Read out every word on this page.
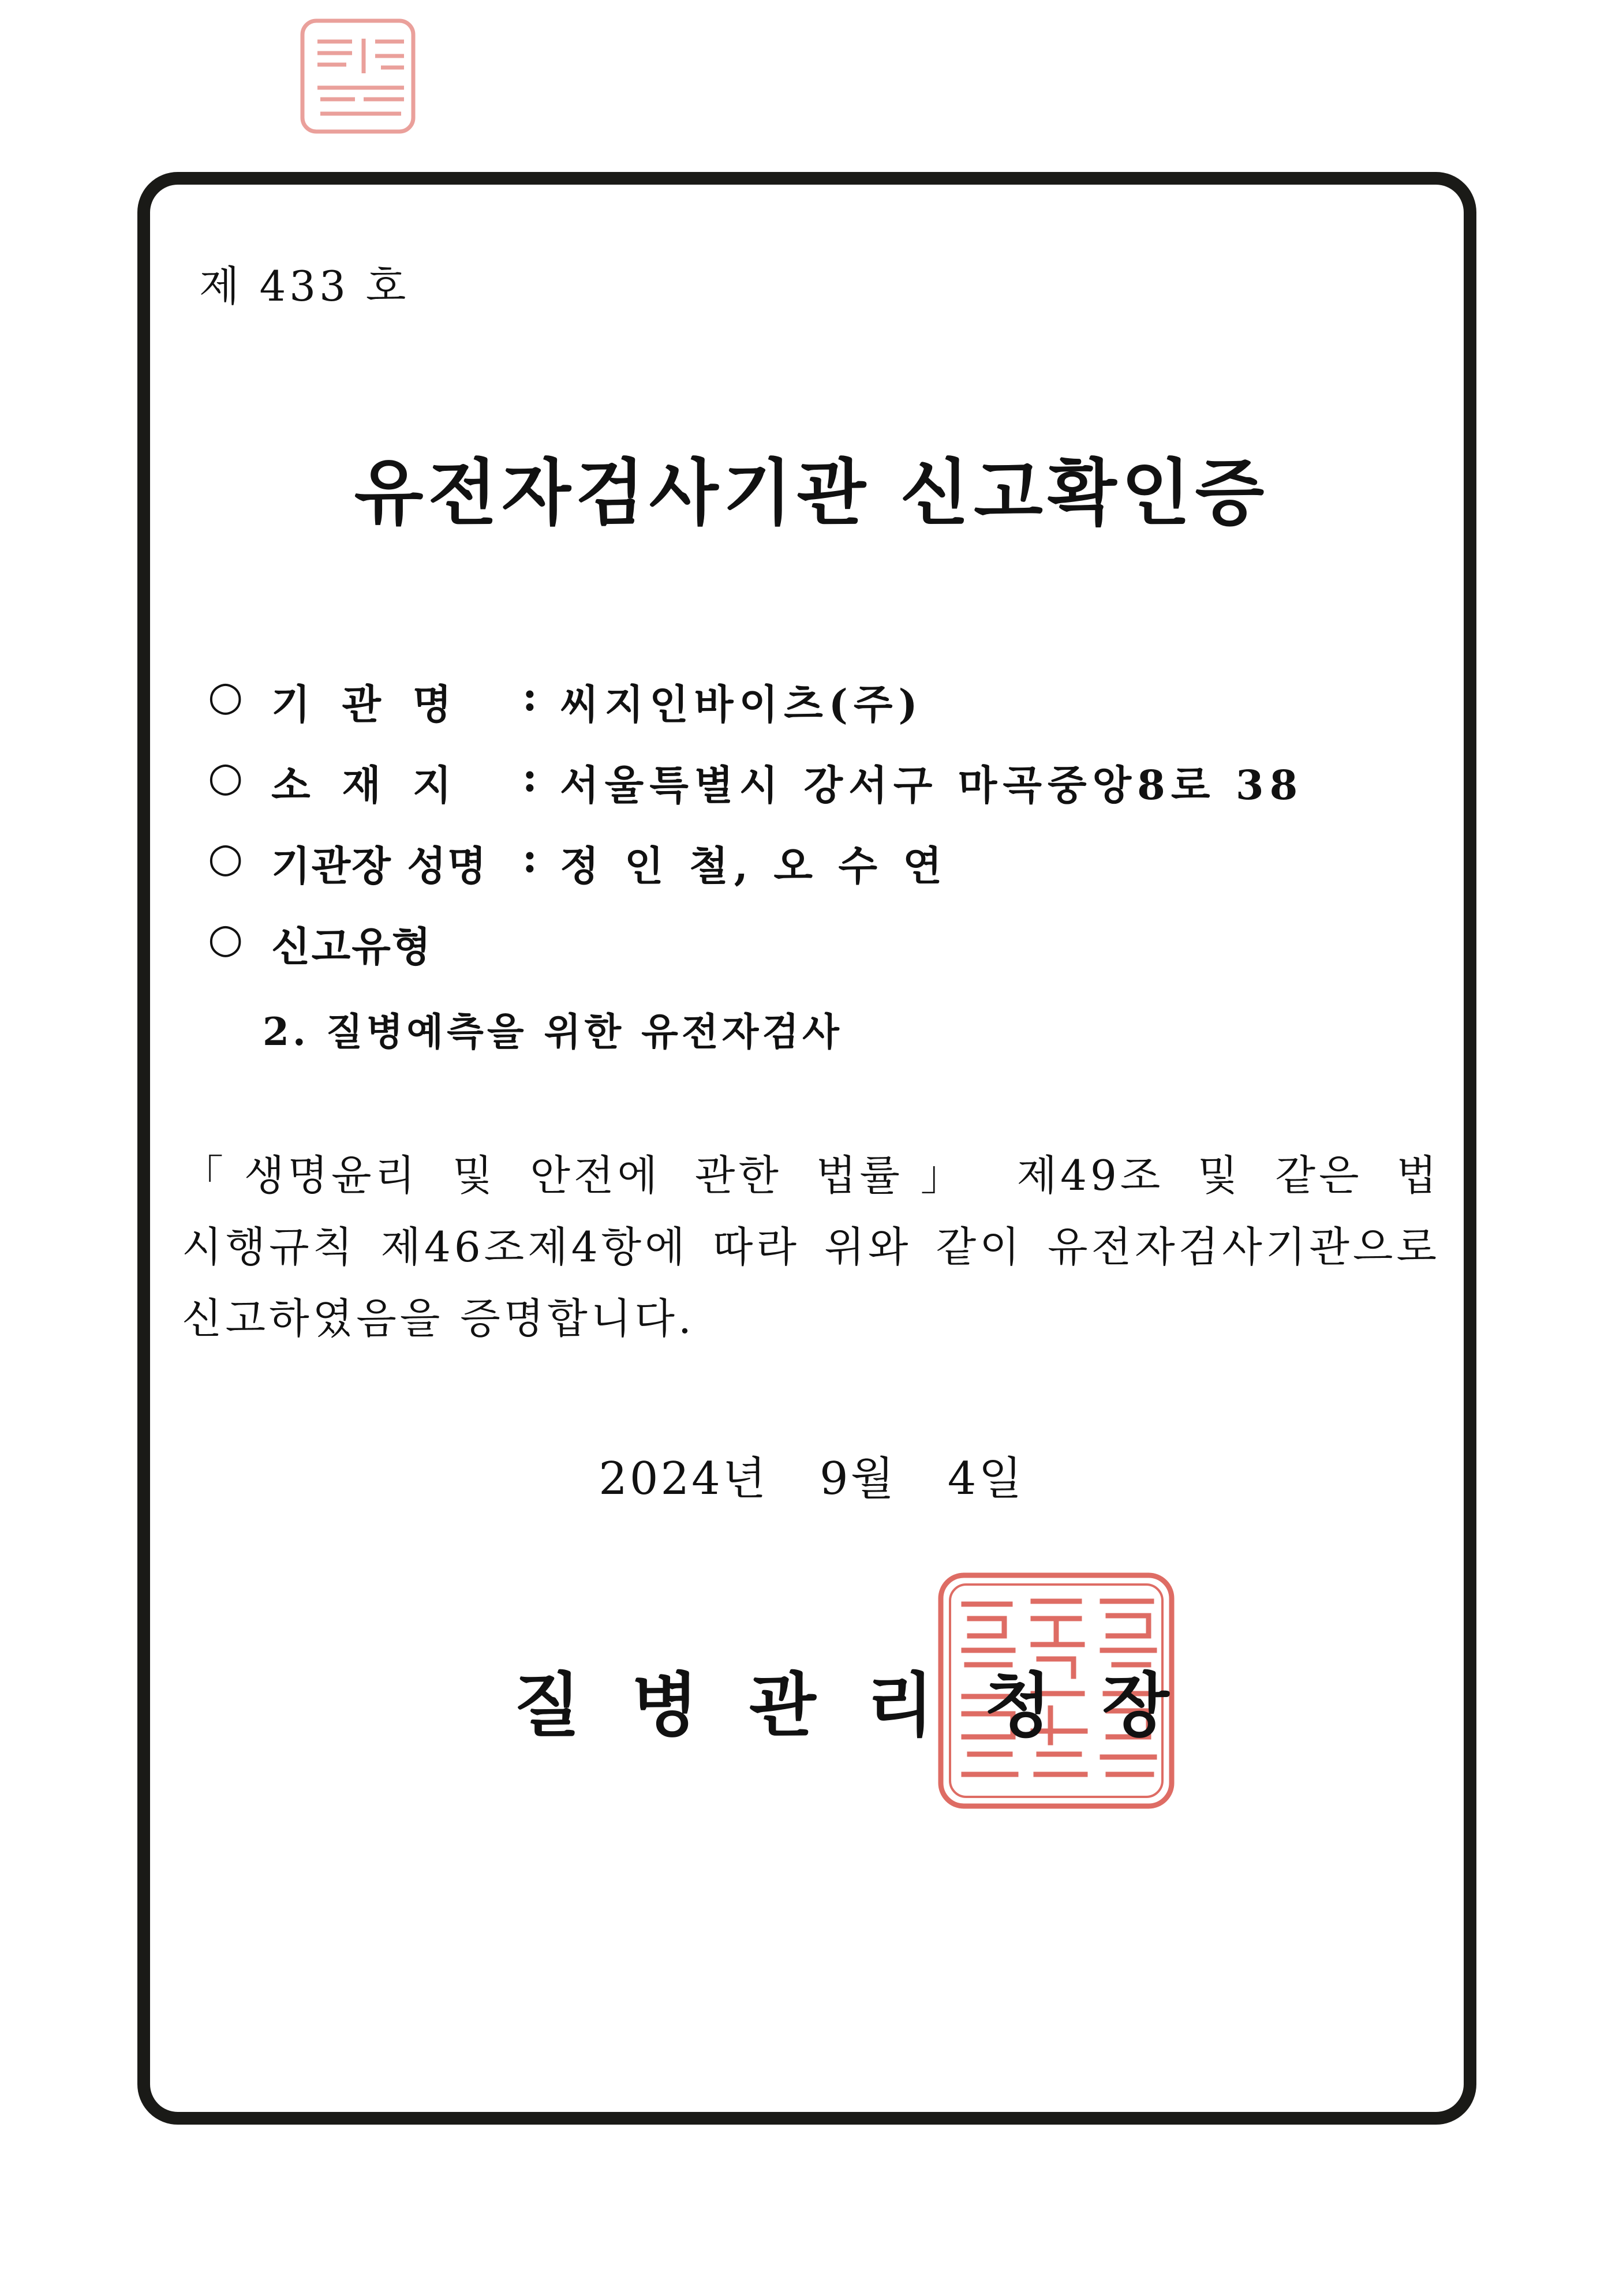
제 433 호
유전자검사기관 신고확인증
○ 기  관  명 : 씨지인바이츠(주)
○ 소  재  지 : 서울특별시 강서구 마곡중앙8로 38
○ 기관장 성명 : 정 인 철, 오 수 연
○ 신고유형
2. 질병예측을 위한 유전자검사
「생명윤리 및 안전에 관한 법률」 제49조 및 같은 법 시행규칙 제46조제4항에 따라 위와 같이 유전자검사기관으로 신고하였음을 증명합니다.
2024년 9월 4일
질병관리청장
